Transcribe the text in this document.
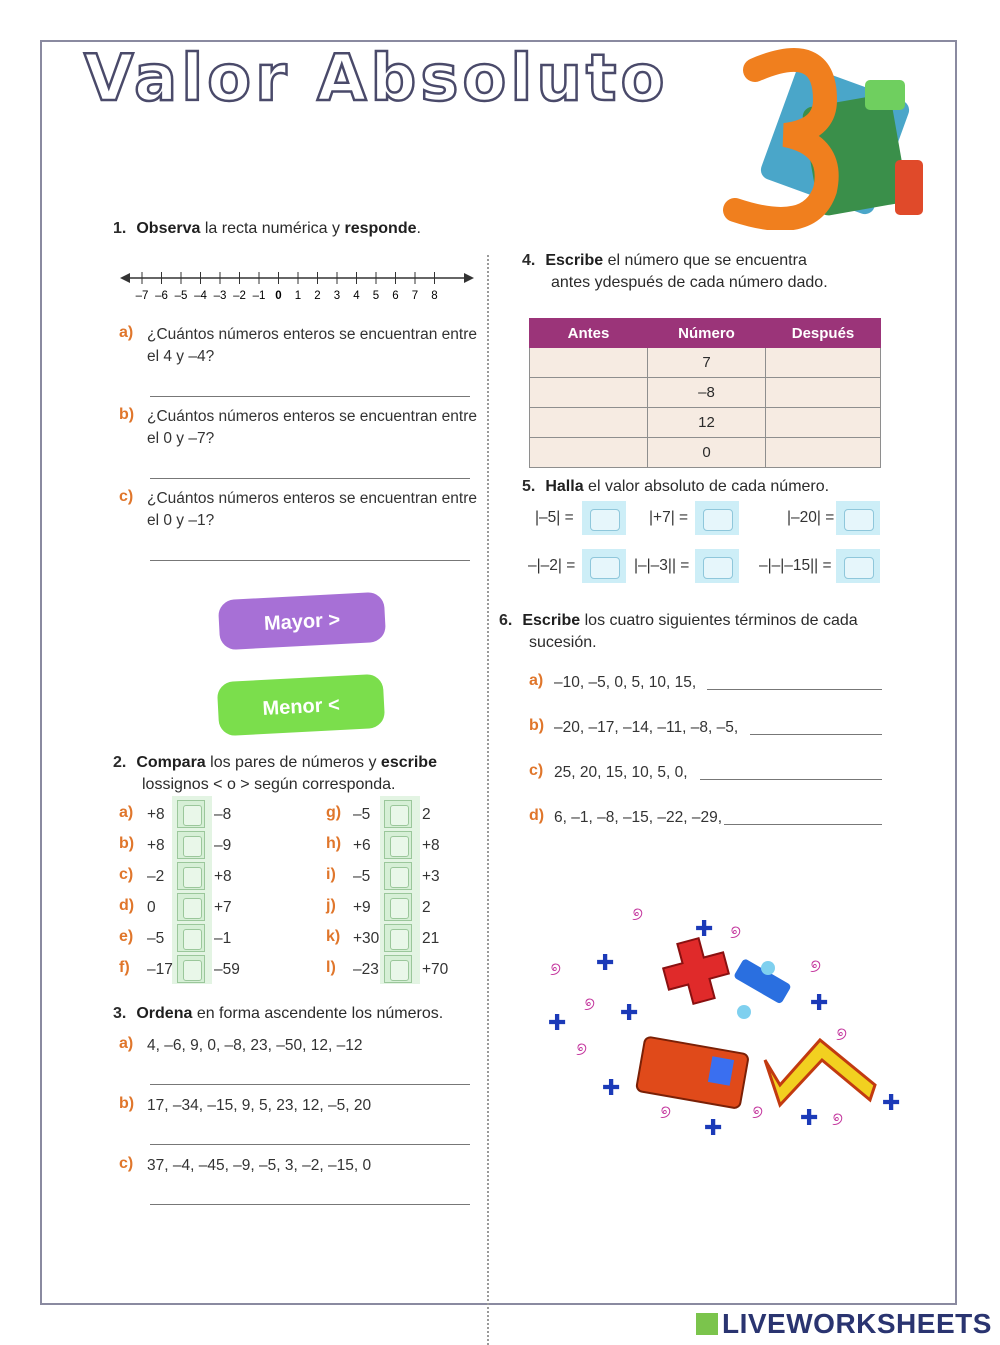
Valor Absoluto
1. Observa la recta numérica y responde.
–7 –6 –5 –4 –3 –2 –1 0 1 2 3 4 5 6 7 8
Mayor >
Menor <
2. Compara los pares de números y escribe
lossignos < o > según corresponda.
3. Ordena en forma ascendente los números.
4. Escribe el número que se encuentra
antes ydespués de cada número dado.
Antes	Número	Después
	7	
	–8	
	12	
	0	
5. Halla el valor absoluto de cada número.
6. Escribe los cuatro siguientes términos de cada
sucesión.
୭
୭
୭
୭
୭
୭
୭
୭	୭	୭
✚
✚
✚ ✚	✚
✚
✚	✚
✚
LIVEWORKSHEETS
a) ¿Cuántos números enteros se encuentran entre
el 4 y –4?
b) ¿Cuántos números enteros se encuentran entre
el 0 y –7?
c) ¿Cuántos números enteros se encuentran entre
el 0 y –1?
a) +8	–8
b) +8	–9
c) –2	+8
d) 0	+7
e) –5	–1
f) –17	–59
g) –5	2
h) +6	+8
i) –5	+3
j) +9	2
k) +30	21
l) –23	+70
a) 4, –6, 9, 0, –8, 23, –50, 12, –12
b) 17, –34, –15, 9, 5, 23, 12, –5, 20
c) 37, –4, –45, –9, –5, 3, –2, –15, 0
|–5| =	|+7| =	|–20| =
–|–2| =	|–|–3|| =	–|–|–15|| =
a) –10, –5, 0, 5, 10, 15,
b) –20, –17, –14, –11, –8, –5,
c) 25, 20, 15, 10, 5, 0,
d) 6, –1, –8, –15, –22, –29,
